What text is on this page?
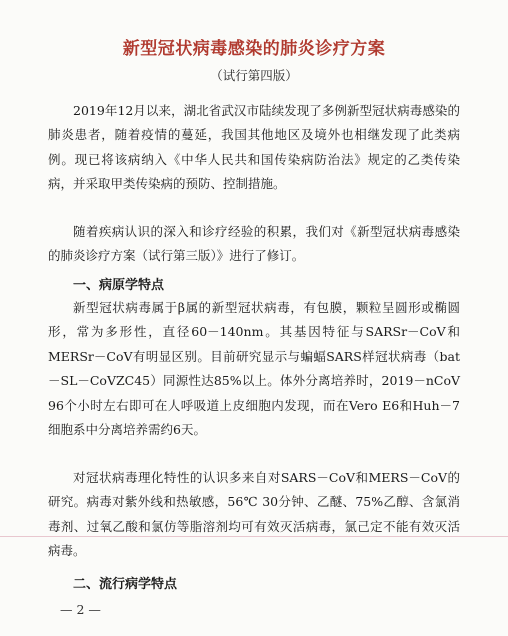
新型冠状病毒感染的肺炎诊疗方案
（试行第四版）

2019年12月以来，湖北省武汉市陆续发现了多例新型冠状病毒感染的肺炎患者，随着疫情的蔓延，我国其他地区及境外也相继发现了此类病例。现已将该病纳入《中华人民共和国传染病防治法》规定的乙类传染病，并采取甲类传染病的预防、控制措施。

随着疾病认识的深入和诊疗经验的积累，我们对《新型冠状病毒感染的肺炎诊疗方案（试行第三版）》进行了修订。

一、病原学特点

新型冠状病毒属于β属的新型冠状病毒，有包膜，颗粒呈圆形或椭圆形，常为多形性，直径60－140nm。其基因特征与SARSr－CoV和MERSr－CoV有明显区别。目前研究显示与蝙蝠SARS样冠状病毒（bat－SL－CoVZC45）同源性达85%以上。体外分离培养时，2019－nCoV 96个小时左右即可在人呼吸道上皮细胞内发现，而在Vero E6和Huh－7细胞系中分离培养需约6天。

对冠状病毒理化特性的认识多来自对SARS－CoV和MERS－CoV的研究。病毒对紫外线和热敏感，56℃ 30分钟、乙醚、75%乙醇、含氯消毒剂、过氧乙酸和氯仿等脂溶剂均可有效灭活病毒，氯己定不能有效灭活病毒。

二、流行病学特点

— 2 —
